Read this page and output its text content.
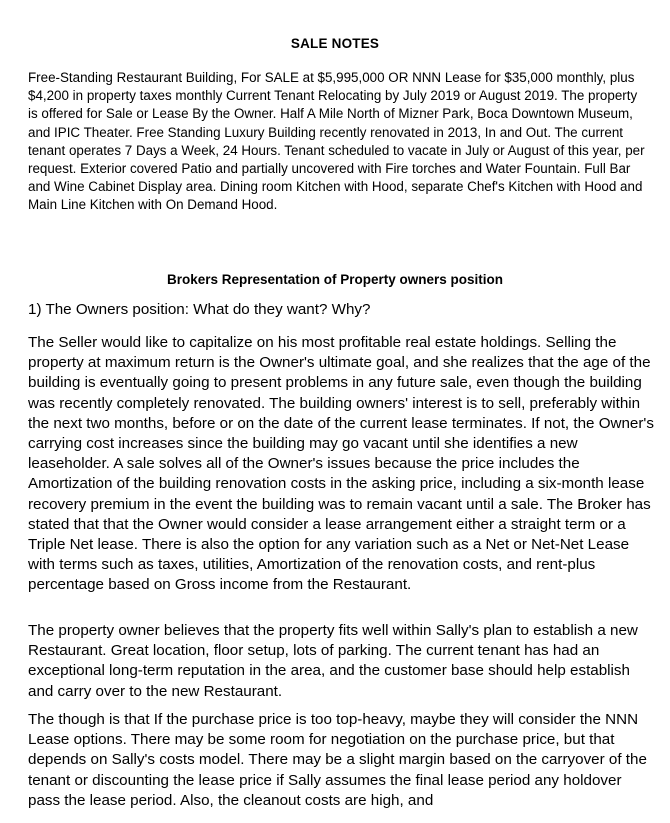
SALE NOTES
Free-Standing Restaurant Building, For SALE at $5,995,000 OR NNN Lease for $35,000 monthly, plus $4,200 in property taxes monthly Current Tenant Relocating by July 2019 or August 2019. The property is offered for Sale or Lease By the Owner. Half A Mile North of Mizner Park, Boca Downtown Museum, and IPIC Theater. Free Standing Luxury Building recently renovated in 2013, In and Out. The current tenant operates 7 Days a Week, 24 Hours. Tenant scheduled to vacate in July or August of this year, per request. Exterior covered Patio and partially uncovered with Fire torches and Water Fountain. Full Bar and Wine Cabinet Display area. Dining room Kitchen with Hood, separate Chef's Kitchen with Hood and Main Line Kitchen with On Demand Hood.
Brokers Representation of Property owners position
1) The Owners position: What do they want? Why?
The Seller would like to capitalize on his most profitable real estate holdings. Selling the property at maximum return is the Owner's ultimate goal, and she realizes that the age of the building is eventually going to present problems in any future sale, even though the building was recently completely renovated. The building owners' interest is to sell, preferably within the next two months, before or on the date of the current lease terminates. If not, the Owner's carrying cost increases since the building may go vacant until she identifies a new leaseholder. A sale solves all of the Owner's issues because the price includes the Amortization of the building renovation costs in the asking price, including a six-month lease recovery premium in the event the building was to remain vacant until a sale. The Broker has stated that that the Owner would consider a lease arrangement either a straight term or a Triple Net lease. There is also the option for any variation such as a Net or Net-Net Lease with terms such as taxes, utilities, Amortization of the renovation costs, and rent-plus percentage based on Gross income from the Restaurant.
The property owner believes that the property fits well within Sally's plan to establish a new Restaurant. Great location, floor setup, lots of parking. The current tenant has had an exceptional long-term reputation in the area, and the customer base should help establish and carry over to the new Restaurant.
The though is that If the purchase price is too top-heavy, maybe they will consider the NNN Lease options. There may be some room for negotiation on the purchase price, but that depends on Sally's costs model. There may be a slight margin based on the carryover of the tenant or discounting the lease price if Sally assumes the final lease period any holdover pass the lease period. Also, the cleanout costs are high, and
